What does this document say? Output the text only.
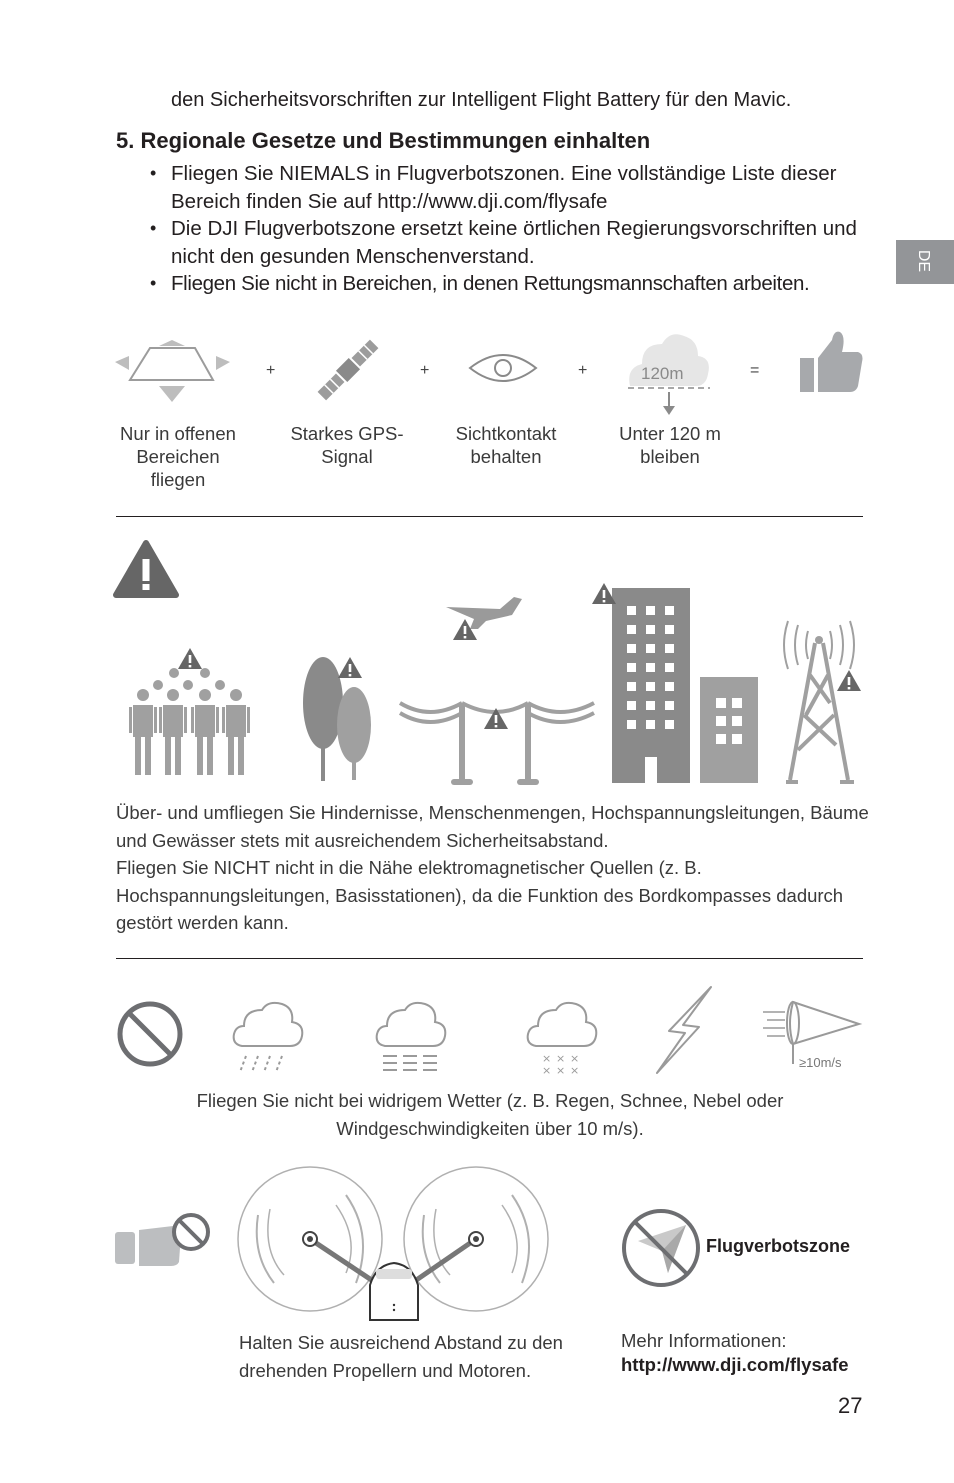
den Sicherheitsvorschriften zur Intelligent Flight Battery für den Mavic.
5. Regionale Gesetze und Bestimmungen einhalten
• Fliegen Sie NIEMALS in Flugverbotszonen. Eine vollständige Liste dieser Bereich finden Sie auf http://www.dji.com/flysafe
• Die DJI Flugverbotszone ersetzt keine örtlichen Regierungsvorschriften und nicht den gesunden Menschenverstand.
• Fliegen Sie nicht in Bereichen, in denen Rettungsmannschaften arbeiten.
DE
+	+	+	120m	=
Nur in offenen Bereichen fliegen
Starkes GPS-Signal
Sichtkontakt behalten
Unter 120 m bleiben
Über- und umfliegen Sie Hindernisse, Menschenmengen, Hochspannungsleitungen, Bäume und Gewässer stets mit ausreichendem Sicherheitsabstand.
Fliegen Sie NICHT nicht in die Nähe elektromagnetischer Quellen (z. B. Hochspannungsleitungen, Basisstationen), da die Funktion des Bordkompasses dadurch gestört werden kann.
× × ×
× × ×
≥10m/s
Fliegen Sie nicht bei widrigem Wetter (z. B. Regen, Schnee, Nebel oder Windgeschwindigkeiten über 10 m/s).
Halten Sie ausreichend Abstand zu den drehenden Propellern und Motoren.
Flugverbotszone
Mehr Informationen:
http://www.dji.com/flysafe
27
